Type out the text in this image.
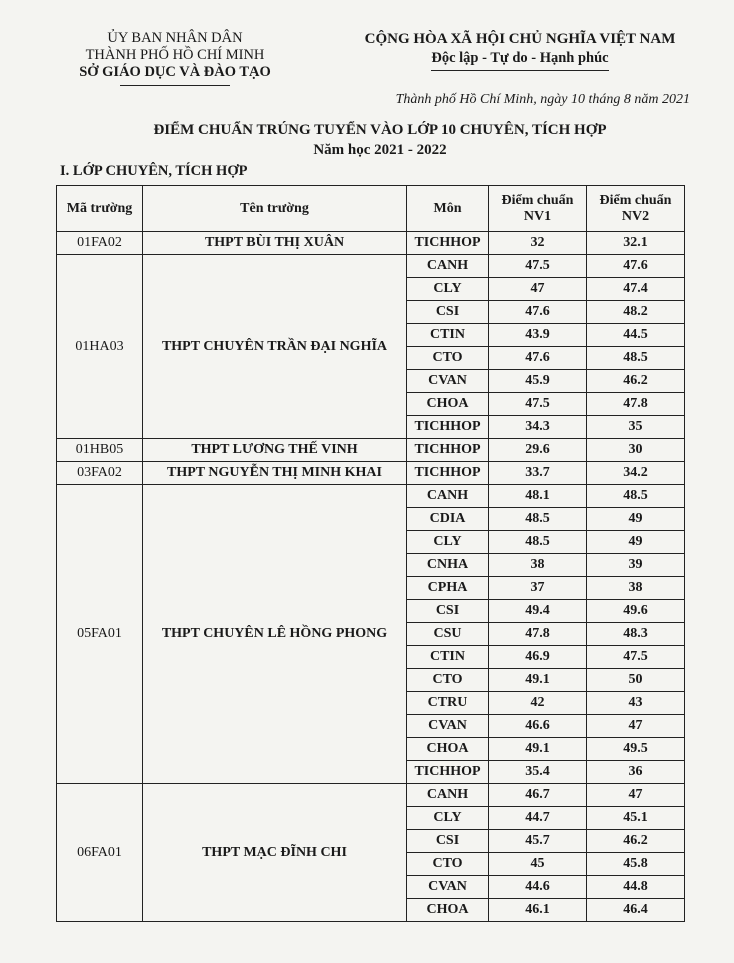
ỦY BAN NHÂN DÂN
THÀNH PHỐ HỒ CHÍ MINH
SỞ GIÁO DỤC VÀ ĐÀO TẠO
CỘNG HÒA XÃ HỘI CHỦ NGHĨA VIỆT NAM
Độc lập - Tự do - Hạnh phúc
Thành phố Hồ Chí Minh, ngày 10 tháng 8 năm 2021
ĐIỂM CHUẨN TRÚNG TUYỂN VÀO LỚP 10 CHUYÊN, TÍCH HỢP
Năm học 2021 - 2022
I. LỚP CHUYÊN, TÍCH HỢP
Mã trường	Tên trường	Môn	Điểm chuẩn NV1	Điểm chuẩn NV2
01FA02	THPT BÙI THỊ XUÂN	TICHHOP	32	32.1
01HA03	THPT CHUYÊN TRẦN ĐẠI NGHĨA	CANH	47.5	47.6
		CLY	47	47.4
		CSI	47.6	48.2
		CTIN	43.9	44.5
		CTO	47.6	48.5
		CVAN	45.9	46.2
		CHOA	47.5	47.8
		TICHHOP	34.3	35
01HB05	THPT LƯƠNG THẾ VINH	TICHHOP	29.6	30
03FA02	THPT NGUYỄN THỊ MINH KHAI	TICHHOP	33.7	34.2
05FA01	THPT CHUYÊN LÊ HỒNG PHONG	CANH	48.1	48.5
		CDIA	48.5	49
		CLY	48.5	49
		CNHA	38	39
		CPHA	37	38
		CSI	49.4	49.6
		CSU	47.8	48.3
		CTIN	46.9	47.5
		CTO	49.1	50
		CTRU	42	43
		CVAN	46.6	47
		CHOA	49.1	49.5
		TICHHOP	35.4	36
06FA01	THPT MẠC ĐĨNH CHI	CANH	46.7	47
		CLY	44.7	45.1
		CSI	45.7	46.2
		CTO	45	45.8
		CVAN	44.6	44.8
		CHOA	46.1	46.4
